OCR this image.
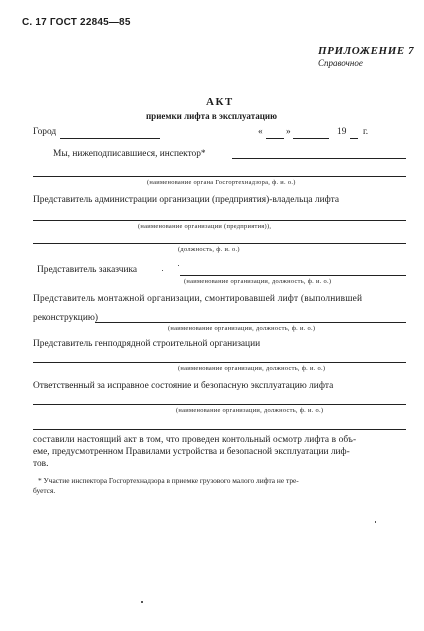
С. 17 ГОСТ 22845—85
ПРИЛОЖЕНИЕ 7
Справочное
АКТ
приемки лифта в эксплуатацию
Город	« »	19 г.
Мы, нижеподписавшиеся, инспектор*
(наименование органа Госгортехнадзора, ф. и. о.)
Представитель администрации организации (предприятия)-владельца лифта
(наименование организации (предприятия)),
(должность, ф. и. о.)
Представитель заказчика
(наименование организации, должность, ф. и. о.)
Представитель монтажной организации, смонтировавшей лифт (выполнившей
реконструкцию)
(наименование организации, должность, ф. и. о.)
Представитель генподрядной строительной организации
(наименование организации, должность, ф. и. о.)
Ответственный за исправное состояние и безопасную эксплуатацию лифта
(наименование организации, должность, ф. и. о.)
составили настоящий акт в том, что проведен контольный осмотр лифта в объ-
еме, предусмотренном Правилами устройства и безопасной эксплуатации лиф-
тов.
* Участие инспектора Госгортехнадзора в приемке грузового малого лифта не тре-
буется.
